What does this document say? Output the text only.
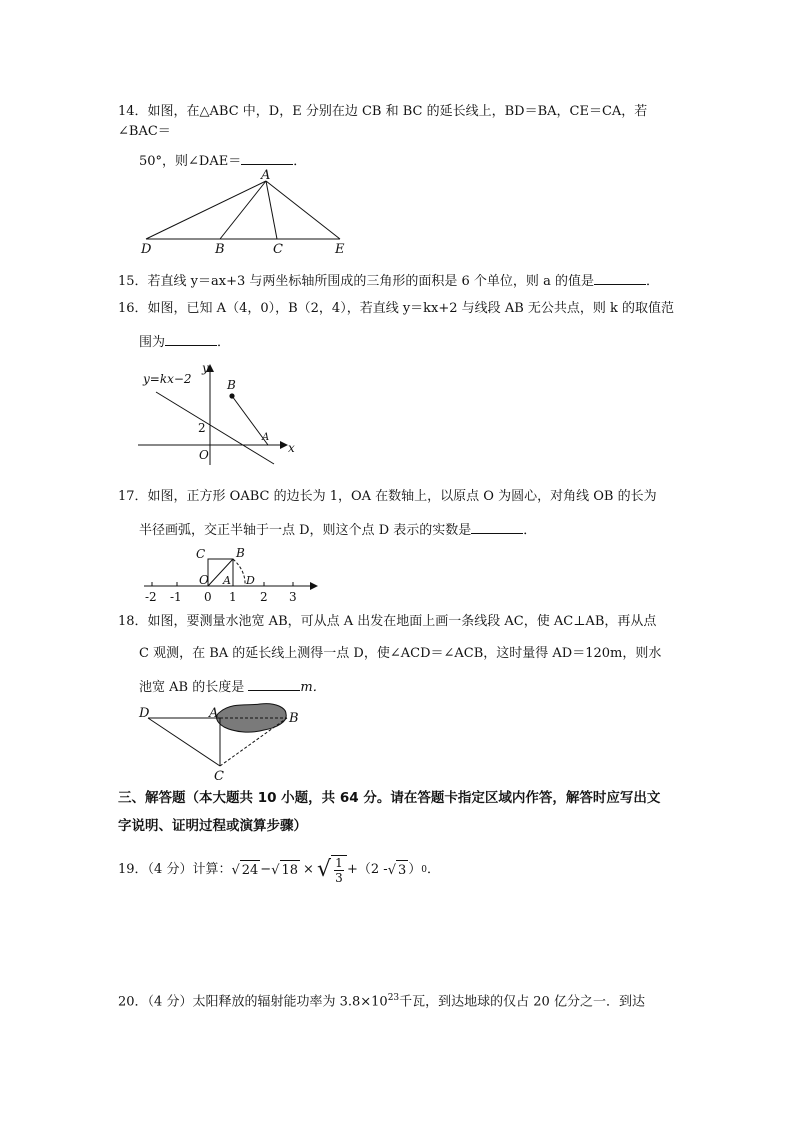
14．如图，在△ABC 中，D，E 分别在边 CB 和 BC 的延长线上，BD＝BA，CE＝CA，若∠BAC＝
50°，则∠DAE＝	．
A
D	B	C	E
15．若直线 y＝ax+3 与两坐标轴所围成的三角形的面积是 6 个单位，则 a 的值是	．
16．如图，已知 A（4，0），B（2，4），若直线 y＝kx+2 与线段 AB 无公共点，则 k 的取值范
围为	．
y=kx−2
y
x
B
A
2
O
17．如图，正方形 OABC 的边长为 1，OA 在数轴上，以原点 O 为圆心，对角线 OB 的长为
半径画弧，交正半轴于一点 D，则这个点 D 表示的实数是	．
C	B
O A D
-2 -1 0 1 2 3
18．如图，要测量水池宽 AB，可从点 A 出发在地面上画一条线段 AC，使 AC⊥AB，再从点
C 观测，在 BA 的延长线上测得一点 D，使∠ACD＝∠ACB，这时量得 AD＝120m，则水
池宽 AB 的长度是	m．
D	A	B
C
三、解答题（本大题共 10 小题，共 64 分。请在答题卡指定区域内作答，解答时应写出文
字说明、证明过程或演算步骤）
19．（4 分）计算： √ 24 − √ 18 × √ 1
3
+（2 - √ 3 ） 0 ．
20．（4 分）太阳释放的辐射能功率为 $3.8\times 10^{23}$千瓦，到达地球的仅占 20 亿分之一．到达
